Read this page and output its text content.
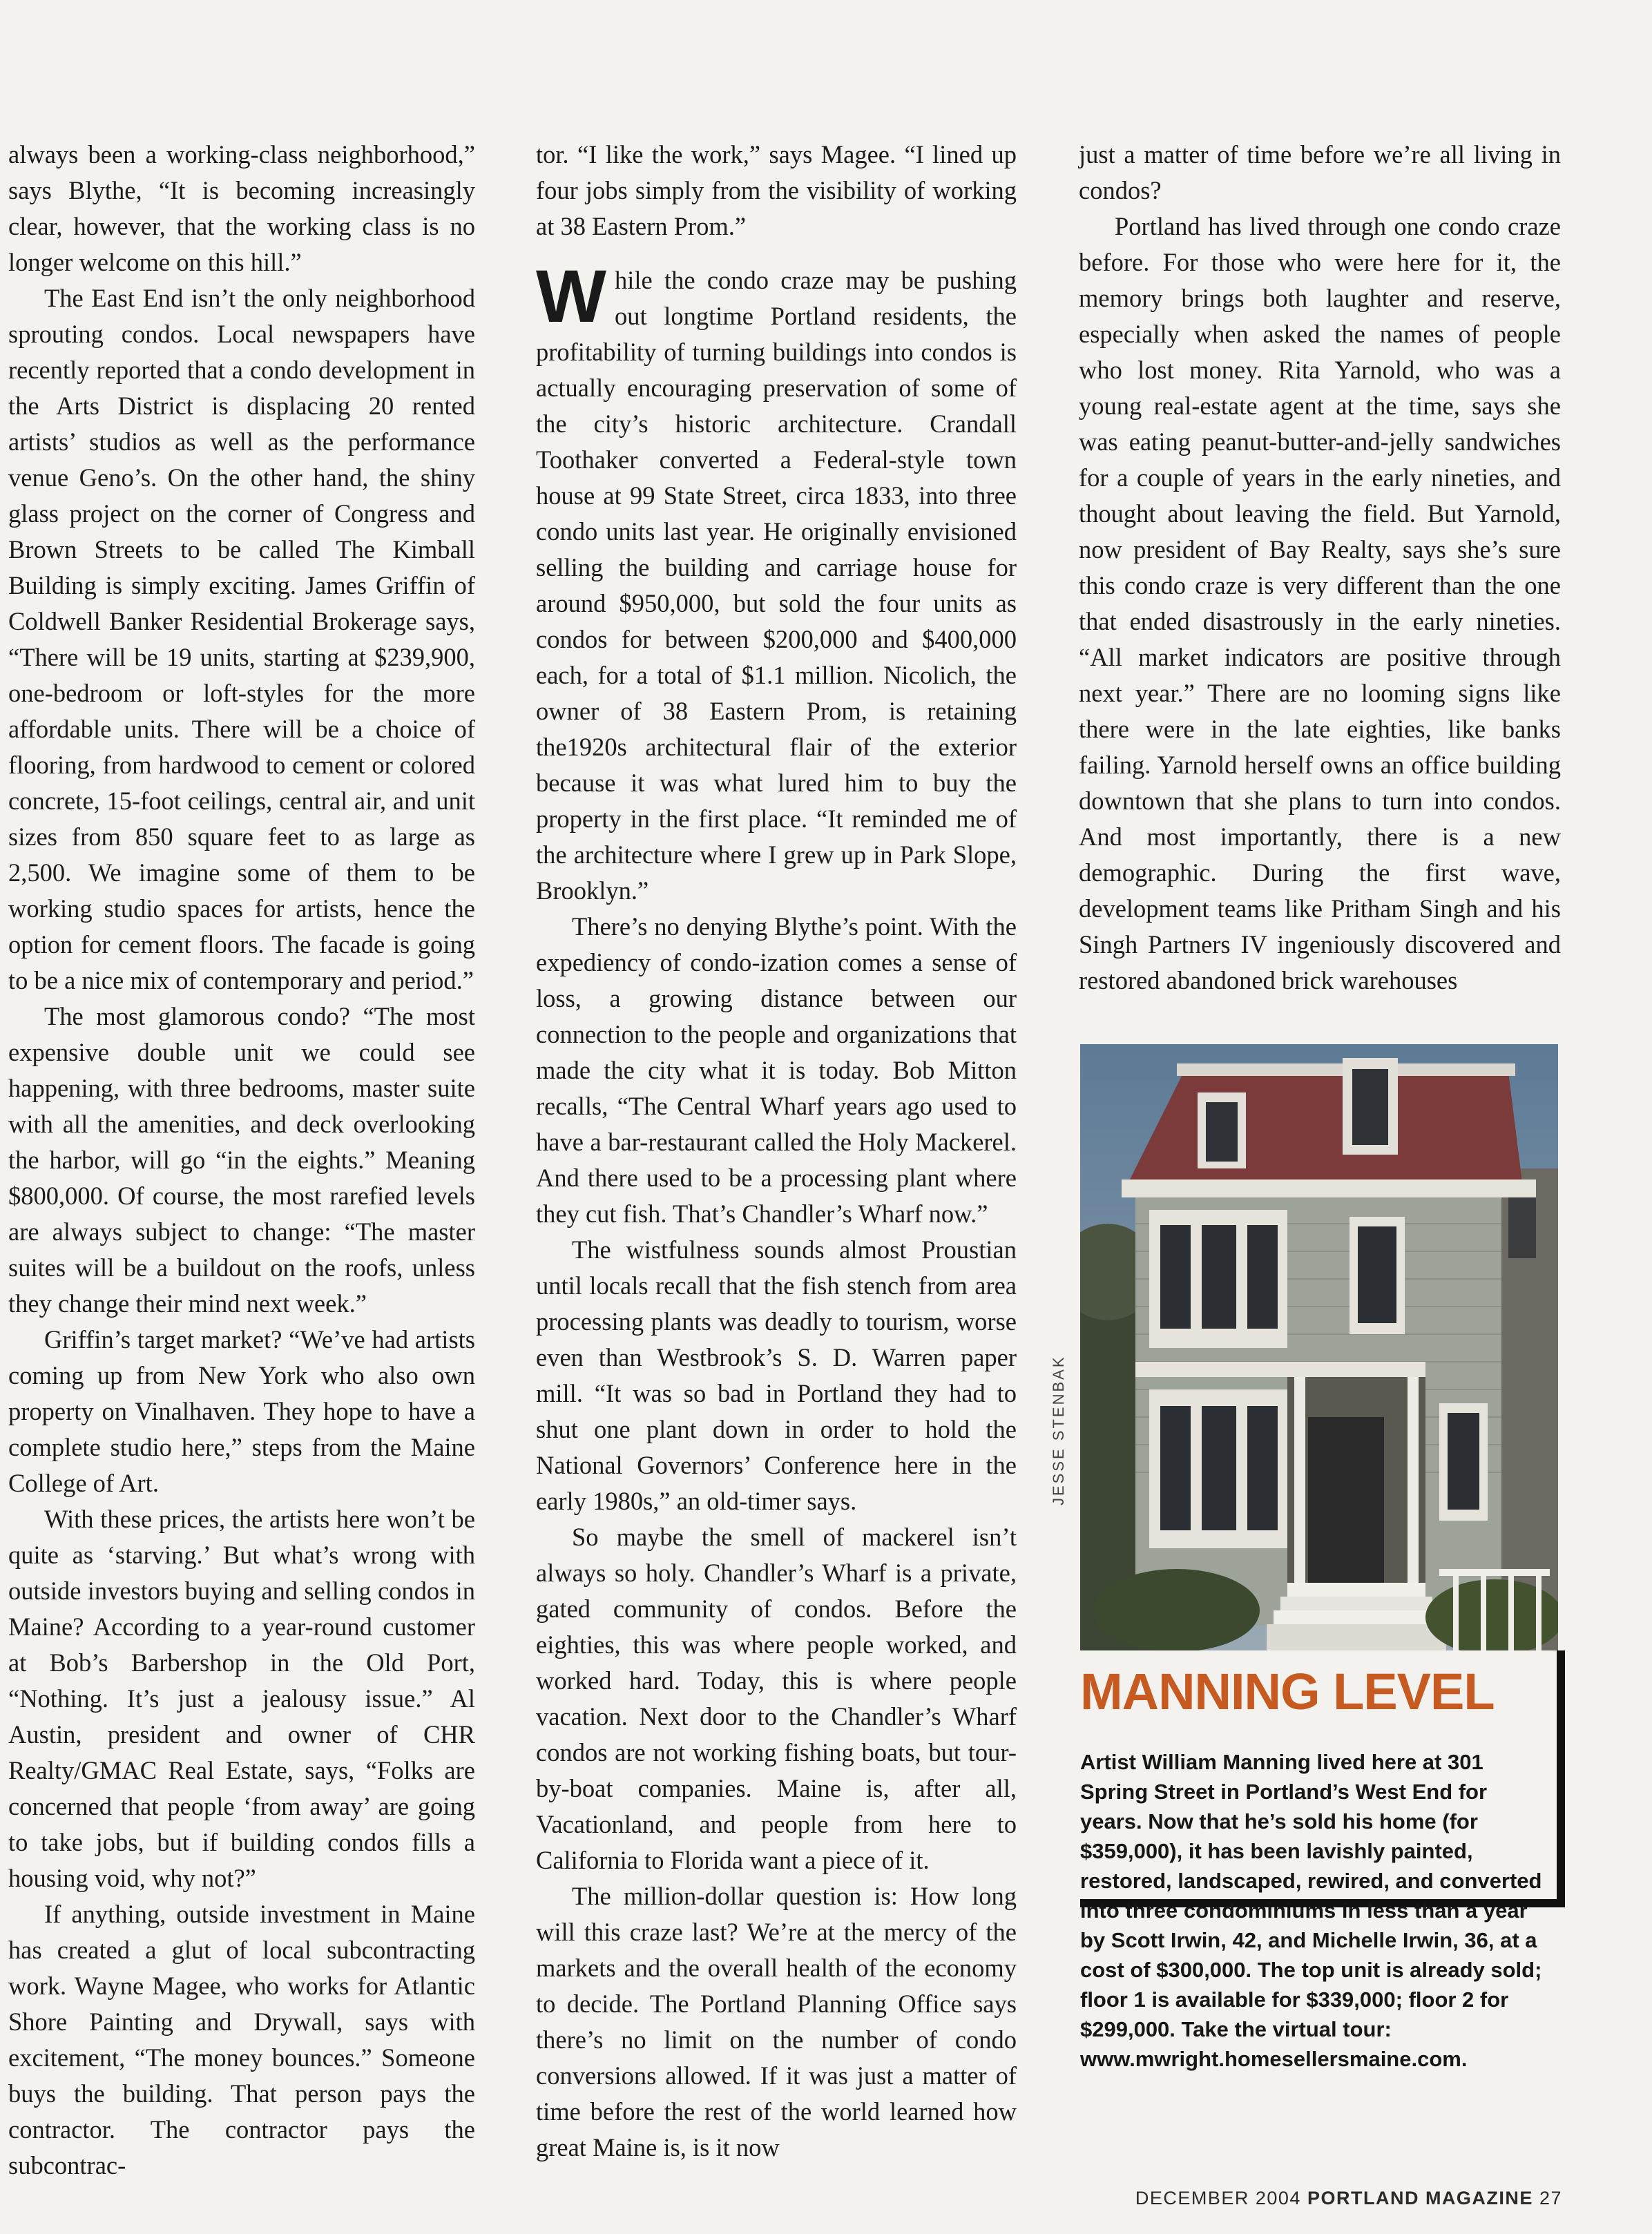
always been a working-class neighborhood,” says Blythe, “It is becoming increasingly clear, however, that the working class is no longer welcome on this hill.”

The East End isn’t the only neighborhood sprouting condos. Local newspapers have recently reported that a condo development in the Arts District is displacing 20 rented artists’ studios as well as the performance venue Geno’s. On the other hand, the shiny glass project on the corner of Congress and Brown Streets to be called The Kimball Building is simply exciting. James Griffin of Coldwell Banker Residential Brokerage says, “There will be 19 units, starting at $239,900, one-bedroom or loft-styles for the more affordable units. There will be a choice of flooring, from hardwood to cement or colored concrete, 15-foot ceilings, central air, and unit sizes from 850 square feet to as large as 2,500. We imagine some of them to be working studio spaces for artists, hence the option for cement floors. The facade is going to be a nice mix of contemporary and period.”

The most glamorous condo? “The most expensive double unit we could see happening, with three bedrooms, master suite with all the amenities, and deck overlooking the harbor, will go “in the eights.” Meaning $800,000. Of course, the most rarefied levels are always subject to change: “The master suites will be a buildout on the roofs, unless they change their mind next week.”

Griffin’s target market? “We’ve had artists coming up from New York who also own property on Vinalhaven. They hope to have a complete studio here,” steps from the Maine College of Art.

With these prices, the artists here won’t be quite as ‘starving.’ But what’s wrong with outside investors buying and selling condos in Maine? According to a year-round customer at Bob’s Barbershop in the Old Port, “Nothing. It’s just a jealousy issue.” Al Austin, president and owner of CHR Realty/GMAC Real Estate, says, “Folks are concerned that people ‘from away’ are going to take jobs, but if building condos fills a housing void, why not?”

If anything, outside investment in Maine has created a glut of local subcontracting work. Wayne Magee, who works for Atlantic Shore Painting and Drywall, says with excitement, “The money bounces.” Someone buys the building. That person pays the contractor. The contractor pays the subcontrac-

tor. “I like the work,” says Magee. “I lined up four jobs simply from the visibility of working at 38 Eastern Prom.”

While the condo craze may be pushing out longtime Portland residents, the profitability of turning buildings into condos is actually encouraging preservation of some of the city’s historic architecture. Crandall Toothaker converted a Federal-style town house at 99 State Street, circa 1833, into three condo units last year. He originally envisioned selling the building and carriage house for around $950,000, but sold the four units as condos for between $200,000 and $400,000 each, for a total of $1.1 million. Nicolich, the owner of 38 Eastern Prom, is retaining the1920s architectural flair of the exterior because it was what lured him to buy the property in the first place. “It reminded me of the architecture where I grew up in Park Slope, Brooklyn.”

There’s no denying Blythe’s point. With the expediency of condo-ization comes a sense of loss, a growing distance between our connection to the people and organizations that made the city what it is today. Bob Mitton recalls, “The Central Wharf years ago used to have a bar-restaurant called the Holy Mackerel. And there used to be a processing plant where they cut fish. That’s Chandler’s Wharf now.”

The wistfulness sounds almost Proustian until locals recall that the fish stench from area processing plants was deadly to tourism, worse even than Westbrook’s S. D. Warren paper mill. “It was so bad in Portland they had to shut one plant down in order to hold the National Governors’ Conference here in the early 1980s,” an old-timer says.

So maybe the smell of mackerel isn’t always so holy. Chandler’s Wharf is a private, gated community of condos. Before the eighties, this was where people worked, and worked hard. Today, this is where people vacation. Next door to the Chandler’s Wharf condos are not working fishing boats, but tour-by-boat companies. Maine is, after all, Vacationland, and people from here to California to Florida want a piece of it.

The million-dollar question is: How long will this craze last? We’re at the mercy of the markets and the overall health of the economy to decide. The Portland Planning Office says there’s no limit on the number of condo conversions allowed. If it was just a matter of time before the rest of the world learned how great Maine is, is it now

just a matter of time before we’re all living in condos?

Portland has lived through one condo craze before. For those who were here for it, the memory brings both laughter and reserve, especially when asked the names of people who lost money. Rita Yarnold, who was a young real-estate agent at the time, says she was eating peanut-butter-and-jelly sandwiches for a couple of years in the early nineties, and thought about leaving the field. But Yarnold, now president of Bay Realty, says she’s sure this condo craze is very different than the one that ended disastrously in the early nineties. “All market indicators are positive through next year.” There are no looming signs like there were in the late eighties, like banks failing. Yarnold herself owns an office building downtown that she plans to turn into condos. And most importantly, there is a new demographic. During the first wave, development teams like Pritham Singh and his Singh Partners IV ingeniously discovered and restored abandoned brick warehouses

JESSE STENBAK
MANNING LEVEL
Artist William Manning lived here at 301 Spring Street in Portland’s West End for years. Now that he’s sold his home (for $359,000), it has been lavishly painted, restored, landscaped, rewired, and converted into three condominiums in less than a year by Scott Irwin, 42, and Michelle Irwin, 36, at a cost of $300,000. The top unit is already sold; floor 1 is available for $339,000; floor 2 for $299,000. Take the virtual tour: www.mwright.homesellersmaine.com.
DECEMBER 2004 PORTLAND MAGAZINE 27
